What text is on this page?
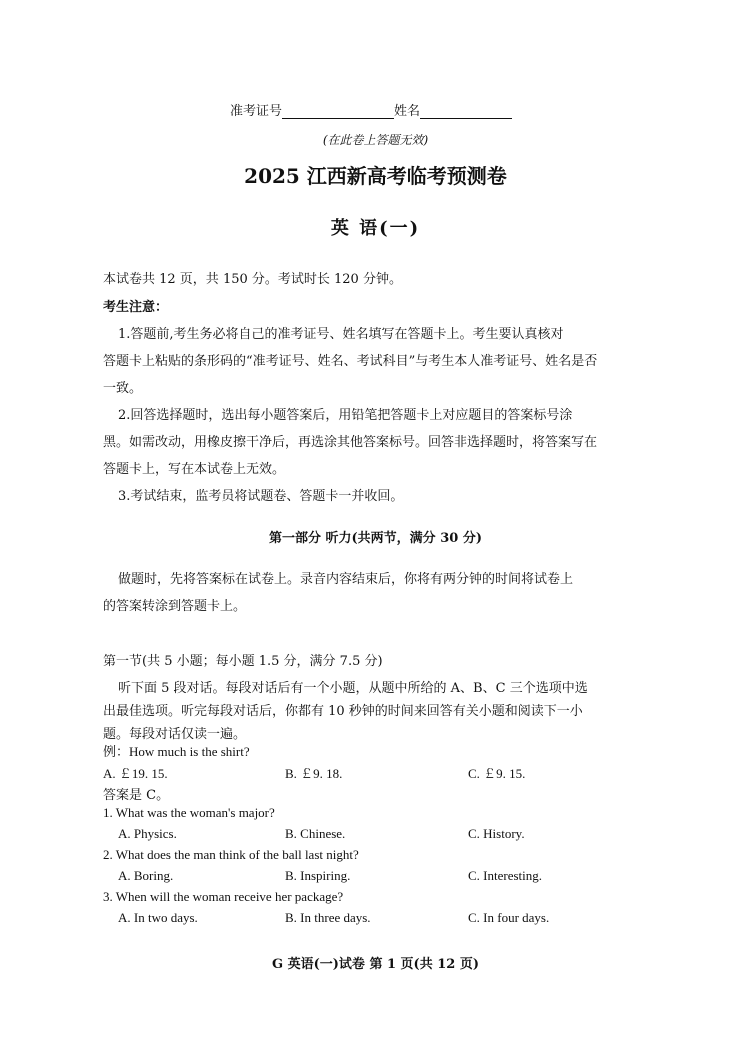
准考证号	姓名
(在此卷上答题无效)
2025 江西新高考临考预测卷
英 语(一)
本试卷共 12 页，共 150 分。考试时长 120 分钟。
考生注意：
1.答题前,考生务必将自己的准考证号、姓名填写在答题卡上。考生要认真核对
答题卡上粘贴的条形码的“准考证号、姓名、考试科目”与考生本人准考证号、姓名是否
一致。
2.回答选择题时，选出每小题答案后，用铅笔把答题卡上对应题目的答案标号涂
黑。如需改动，用橡皮擦干净后，再选涂其他答案标号。回答非选择题时，将答案写在
答题卡上，写在本试卷上无效。
3.考试结束，监考员将试题卷、答题卡一并收回。
第一部分 听力(共两节，满分 30 分)
做题时，先将答案标在试卷上。录音内容结束后，你将有两分钟的时间将试卷上
的答案转涂到答题卡上。
第一节(共 5 小题；每小题 1.5 分，满分 7.5 分)
听下面 5 段对话。每段对话后有一个小题，从题中所给的 A、B、C 三个选项中选
出最佳选项。听完每段对话后，你都有 10 秒钟的时间来回答有关小题和阅读下一小
题。每段对话仅读一遍。
例：How much is the shirt?
A. ￡19. 15.	B. ￡9. 18.	C. ￡9. 15.
答案是 C。
1. What was the woman's major?
A. Physics.	B. Chinese.	C. History.
2. What does the man think of the ball last night?
A. Boring.	B. Inspiring.	C. Interesting.
3. When will the woman receive her package?
A. In two days.	B. In three days.	C. In four days.
G 英语(一)试卷 第 1 页(共 12 页)
